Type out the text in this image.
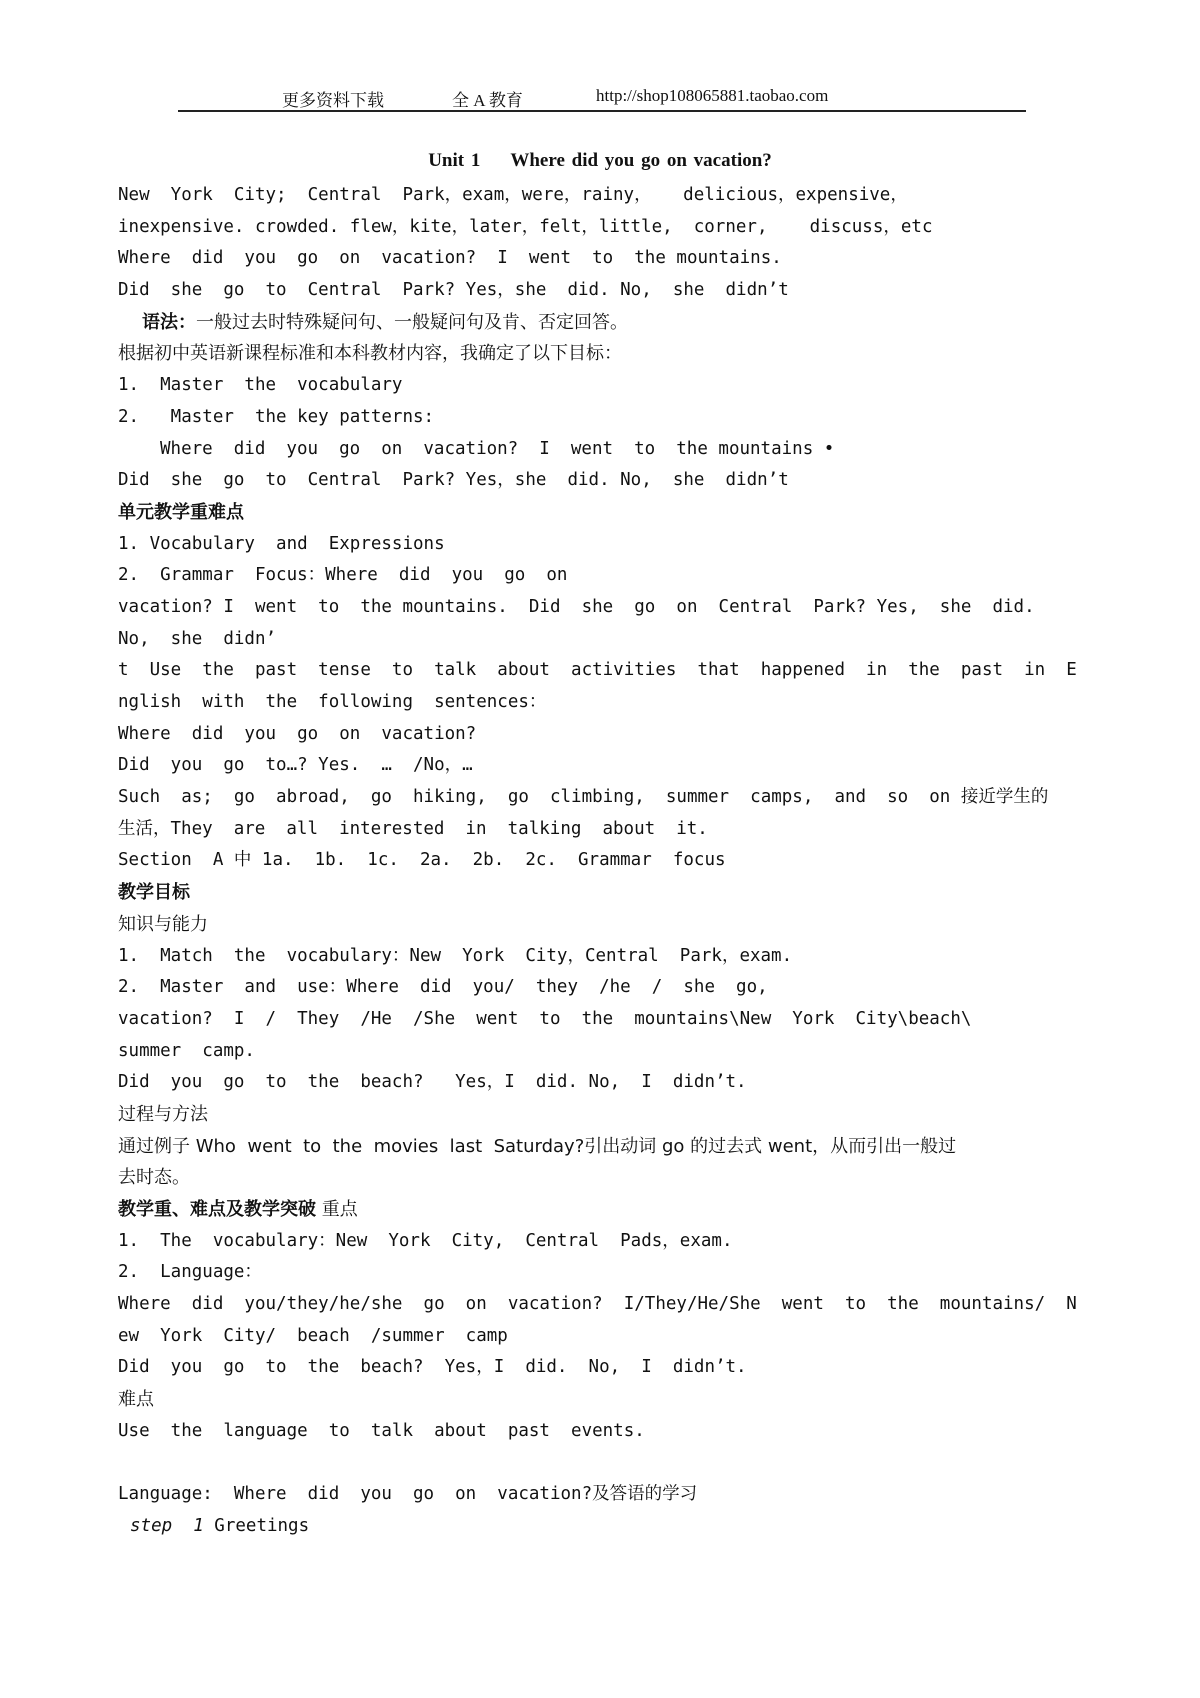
更多资料下载	全 A 教育	http://shop108065881.taobao.com
Unit 1 Where did you go on vacation?
New  York  City;  Central  Park，exam，were，rainy，   delicious，expensive，
inexpensive. crowded. flew，kite，later，felt，little,  corner,    discuss，etc
Where  did  you  go  on  vacation?  I  went  to  the mountains.
Did  she  go  to  Central  Park? Yes，she  did. No,  she  didn’t
语法：一般过去时特殊疑问句、一般疑问句及肯、否定回答。
根据初中英语新课程标准和本科教材内容，我确定了以下目标：
1.  Master  the  vocabulary
2.   Master  the key patterns:
Where  did  you  go  on  vacation?  I  went  to  the mountains •
Did  she  go  to  Central  Park? Yes，she  did. No,  she  didn’t
单元教学重难点
1. Vocabulary  and  Expressions
2.  Grammar  Focus：Where  did  you  go  on
vacation? I  went  to  the mountains.  Did  she  go  on  Central  Park? Yes,  she  did.
No,  she  didn’
t  Use  the  past  tense  to  talk  about  activities  that  happened  in  the  past  in  E
nglish  with  the  following  sentences：
Where  did  you  go  on  vacation?
Did  you  go  to…? Yes.  …  /No，…
Such  as;  go  abroad,  go  hiking,  go  climbing,  summer  camps,  and  so  on 接近学生的
生活，They  are  all  interested  in  talking  about  it.
Section  A 中 1a.  1b.  1c.  2a.  2b.  2c.  Grammar  focus
教学目标
知识与能力
1.  Match  the  vocabulary：New  York  City，Central  Park，exam.
2.  Master  and  use：Where  did  you/  they  /he  /  she  go,
vacation?  I  /  They  /He  /She  went  to  the  mountains\New  York  City\beach\
summer  camp.
Did  you  go  to  the  beach?   Yes，I  did. No,  I  didn’t.
过程与方法
通过例子 Who  went  to  the  movies  last  Saturday?引出动词 go 的过去式 went，从而引出一般过
去时态。
教学重、难点及教学突破 重点
1.  The  vocabulary：New  York  City,  Central  Pads，exam.
2.  Language：
Where  did  you/they/he/she  go  on  vacation?  I/They/He/She  went  to  the  mountains/  N
ew  York  City/  beach  /summer  camp
Did  you  go  to  the  beach?  Yes，I  did.  No,  I  didn’t.
难点
Use  the  language  to  talk  about  past  events.
Language:  Where  did  you  go  on  vacation?及答语的学习
step  1 Greetings
